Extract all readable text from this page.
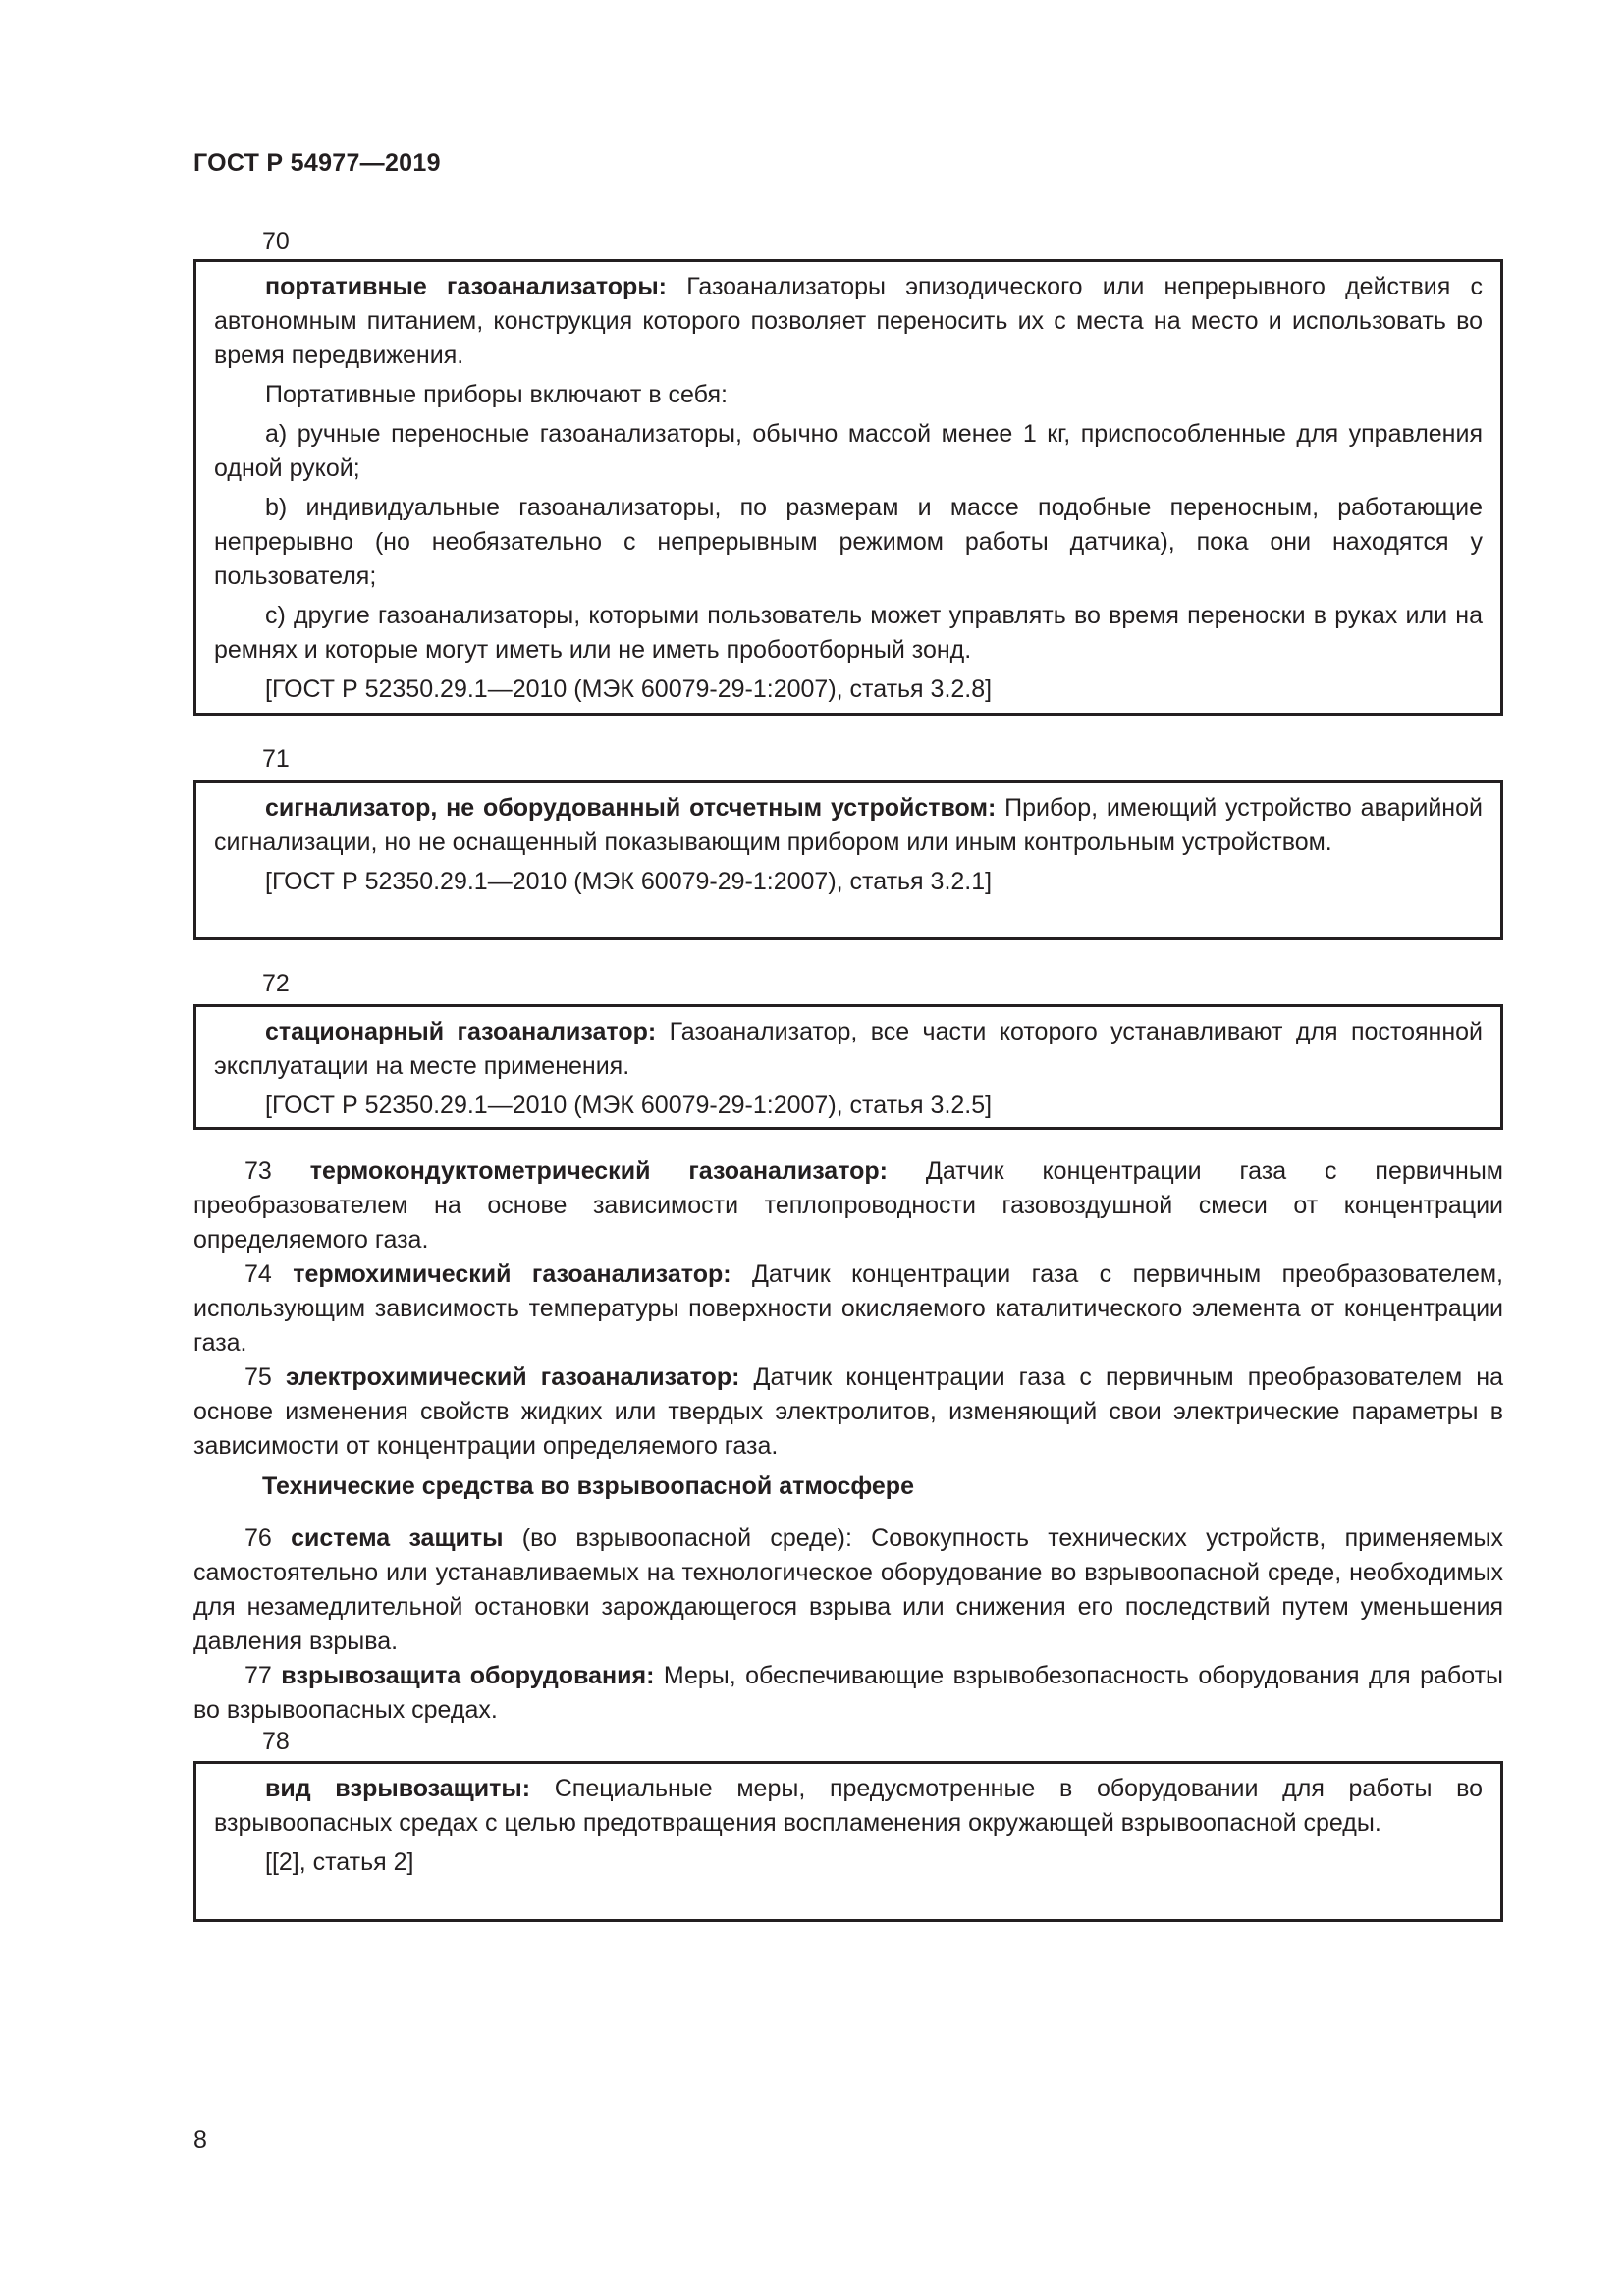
ГОСТ Р 54977—2019
70

портативные газоанализаторы: Газоанализаторы эпизодического или непрерывного действия с автономным питанием, конструкция которого позволяет переносить их с места на место и использовать во время передвижения.

Портативные приборы включают в себя:

a) ручные переносные газоанализаторы, обычно массой менее 1 кг, приспособленные для управления одной рукой;

b) индивидуальные газоанализаторы, по размерам и массе подобные переносным, работающие непрерывно (но необязательно с непрерывным режимом работы датчика), пока они находятся у пользователя;

c) другие газоанализаторы, которыми пользователь может управлять во время переноски в руках или на ремнях и которые могут иметь или не иметь пробоотборный зонд.

[ГОСТ Р 52350.29.1—2010 (МЭК 60079-29-1:2007), статья 3.2.8]

71

сигнализатор, не оборудованный отсчетным устройством: Прибор, имеющий устройство аварийной сигнализации, но не оснащенный показывающим прибором или иным контрольным устройством.

[ГОСТ Р 52350.29.1—2010 (МЭК 60079-29-1:2007), статья 3.2.1]

72

стационарный газоанализатор: Газоанализатор, все части которого устанавливают для постоянной эксплуатации на месте применения.

[ГОСТ Р 52350.29.1—2010 (МЭК 60079-29-1:2007), статья 3.2.5]

73 термокондуктометрический газоанализатор: Датчик концентрации газа с первичным преобразователем на основе зависимости теплопроводности газовоздушной смеси от концентрации определяемого газа.

74 термохимический газоанализатор: Датчик концентрации газа с первичным преобразователем, использующим зависимость температуры поверхности окисляемого каталитического элемента от концентрации газа.

75 электрохимический газоанализатор: Датчик концентрации газа с первичным преобразователем на основе изменения свойств жидких или твердых электролитов, изменяющий свои электрические параметры в зависимости от концентрации определяемого газа.

Технические средства во взрывоопасной атмосфере

76 система защиты (во взрывоопасной среде): Совокупность технических устройств, применяемых самостоятельно или устанавливаемых на технологическое оборудование во взрывоопасной среде, необходимых для незамедлительной остановки зарождающегося взрыва или снижения его последствий путем уменьшения давления взрыва.

77 взрывозащита оборудования: Меры, обеспечивающие взрывобезопасность оборудования для работы во взрывоопасных средах.

78

вид взрывозащиты: Специальные меры, предусмотренные в оборудовании для работы во взрывоопасных средах с целью предотвращения воспламенения окружающей взрывоопасной среды.

[[2], статья 2]

8
